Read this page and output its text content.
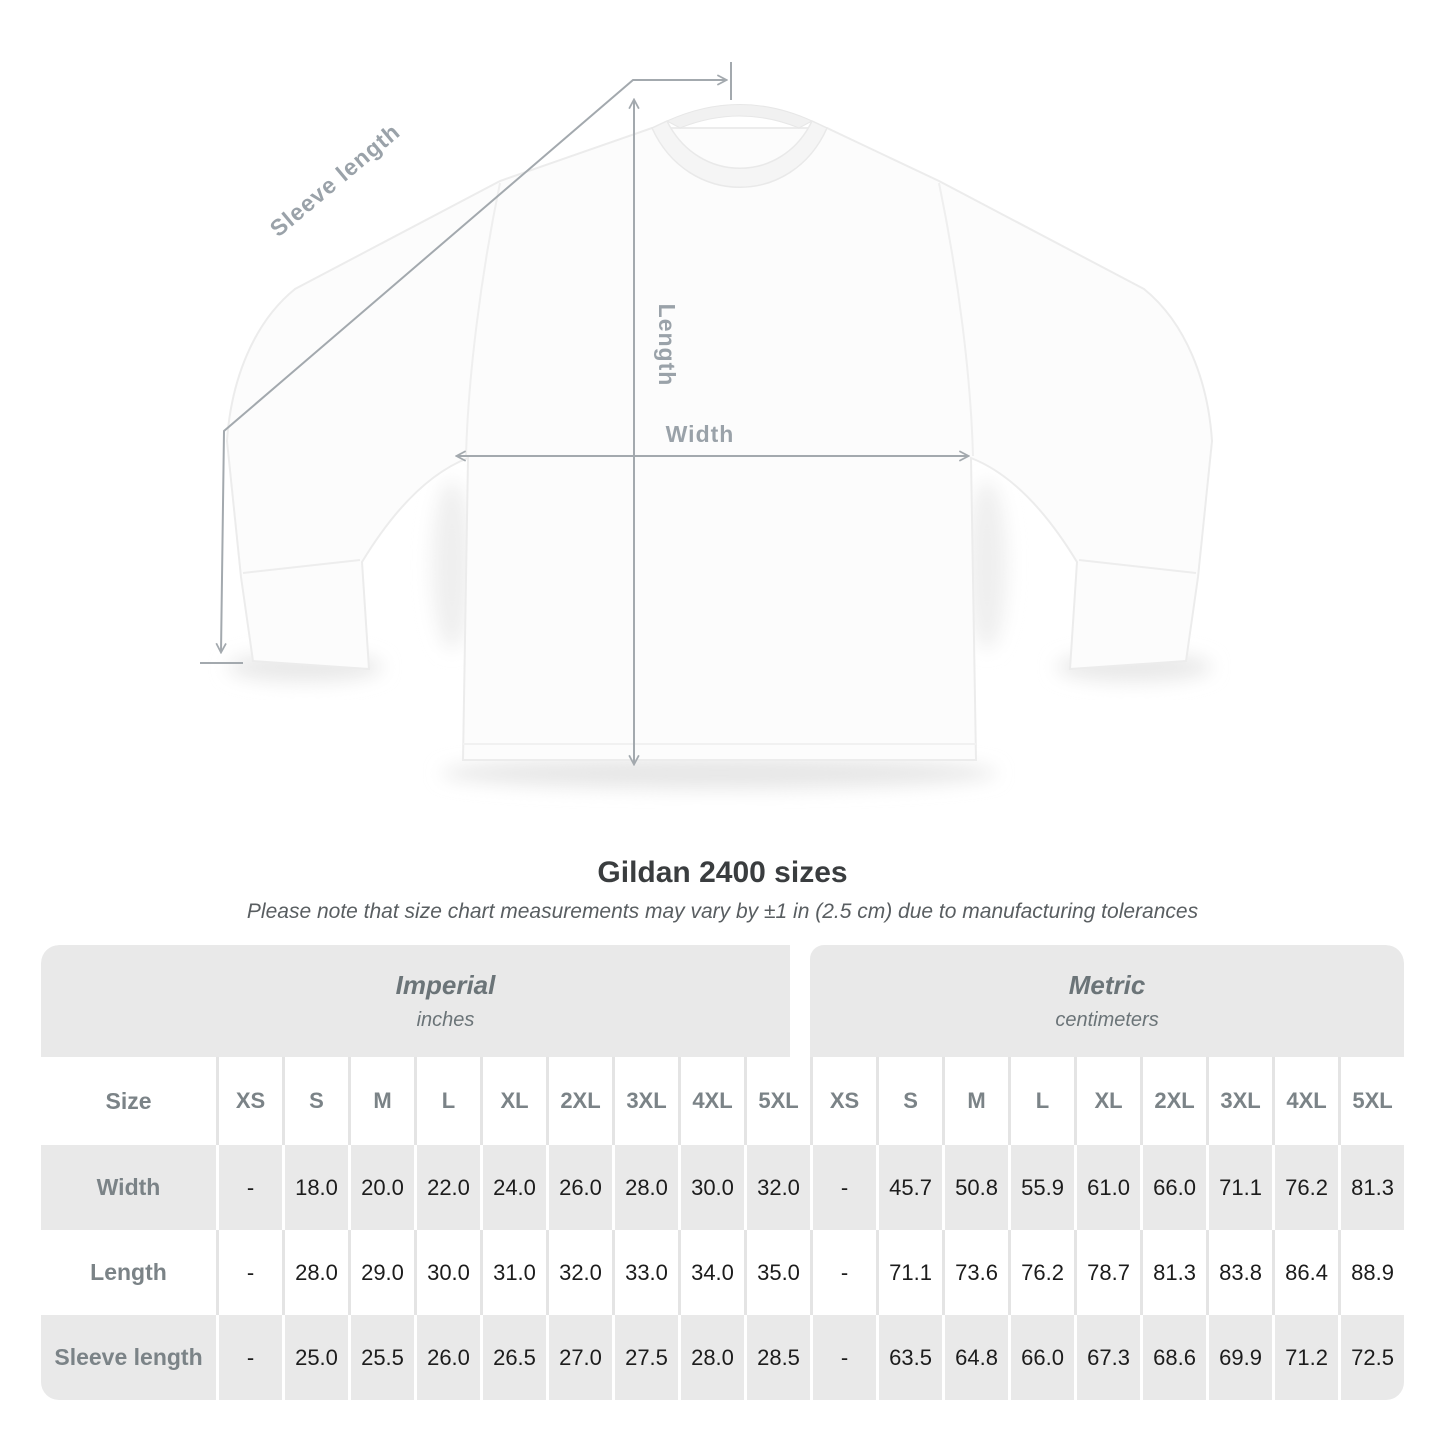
Sleeve length
Length
Width
Gildan 2400 sizes
Please note that size chart measurements may vary by ±1 in (2.5 cm) due to manufacturing tolerances
Imperial
inches

Metric
centimeters

Size	XS	S	M	L	XL	2XL	3XL	4XL	5XL	XS	S	M	L	XL	2XL	3XL	4XL	5XL
Width	-	18.0	20.0	22.0	24.0	26.0	28.0	30.0	32.0	-	45.7	50.8	55.9	61.0	66.0	71.1	76.2	81.3
Length	-	28.0	29.0	30.0	31.0	32.0	33.0	34.0	35.0	-	71.1	73.6	76.2	78.7	81.3	83.8	86.4	88.9
Sleeve length	-	25.0	25.5	26.0	26.5	27.0	27.5	28.0	28.5	-	63.5	64.8	66.0	67.3	68.6	69.9	71.2	72.5
